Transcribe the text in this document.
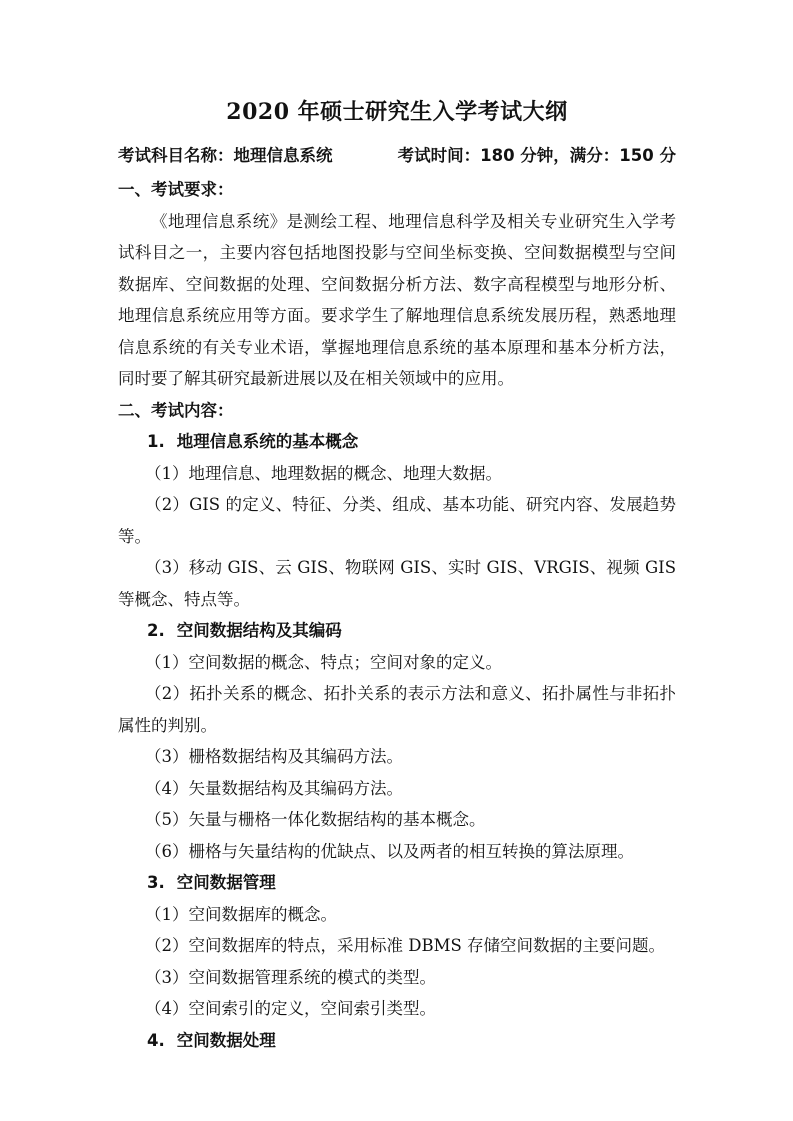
2020 年硕士研究生入学考试大纲
考试科目名称：地理信息系统	考试时间：180 分钟，满分：150 分
一、考试要求：

《地理信息系统》是测绘工程、地理信息科学及相关专业研究生入学考试科目之一，主要内容包括地图投影与空间坐标变换、空间数据模型与空间数据库、空间数据的处理、空间数据分析方法、数字高程模型与地形分析、地理信息系统应用等方面。要求学生了解地理信息系统发展历程，熟悉地理信息系统的有关专业术语，掌握地理信息系统的基本原理和基本分析方法，同时要了解其研究最新进展以及在相关领域中的应用。

二、考试内容：
1. 地理信息系统的基本概念

（1）地理信息、地理数据的概念、地理大数据。

（2）GIS 的定义、特征、分类、组成、基本功能、研究内容、发展趋势等。

（3）移动 GIS、云 GIS、物联网 GIS、实时 GIS、VRGIS、视频 GIS 等概念、特点等。

2. 空间数据结构及其编码

（1）空间数据的概念、特点；空间对象的定义。

（2）拓扑关系的概念、拓扑关系的表示方法和意义、拓扑属性与非拓扑属性的判别。

（3）栅格数据结构及其编码方法。

（4）矢量数据结构及其编码方法。

（5）矢量与栅格一体化数据结构的基本概念。

（6）栅格与矢量结构的优缺点、以及两者的相互转换的算法原理。

3. 空间数据管理

（1）空间数据库的概念。

（2）空间数据库的特点，采用标准 DBMS 存储空间数据的主要问题。

（3）空间数据管理系统的模式的类型。

（4）空间索引的定义，空间索引类型。

4. 空间数据处理
